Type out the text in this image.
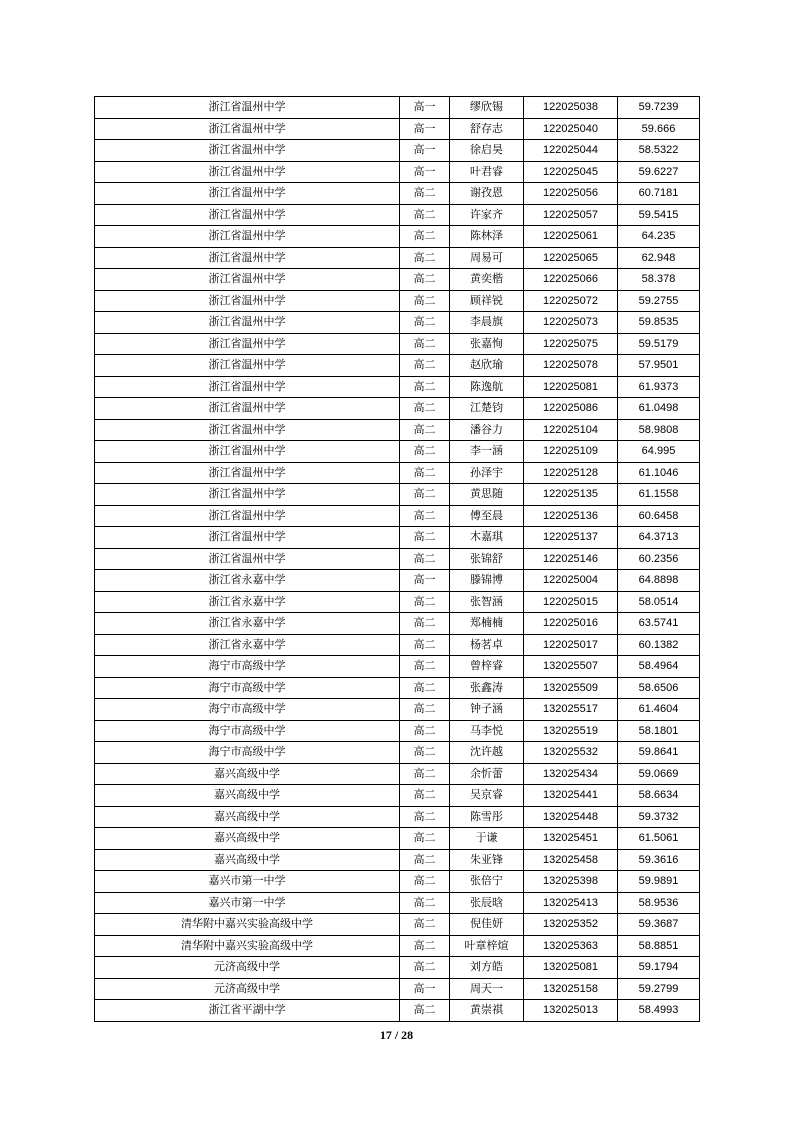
浙江省温州中学	高一	缪欣锡	122025038	59.7239
浙江省温州中学	高一	舒存志	122025040	59.666
浙江省温州中学	高一	徐启昊	122025044	58.5322
浙江省温州中学	高一	叶君睿	122025045	59.6227
浙江省温州中学	高二	谢孜恩	122025056	60.7181
浙江省温州中学	高二	许家齐	122025057	59.5415
浙江省温州中学	高二	陈林泽	122025061	64.235
浙江省温州中学	高二	周易可	122025065	62.948
浙江省温州中学	高二	黄奕楷	122025066	58.378
浙江省温州中学	高二	顾祥锐	122025072	59.2755
浙江省温州中学	高二	李晨旗	122025073	59.8535
浙江省温州中学	高二	张嘉恂	122025075	59.5179
浙江省温州中学	高二	赵欣瑜	122025078	57.9501
浙江省温州中学	高二	陈逸航	122025081	61.9373
浙江省温州中学	高二	江楚钧	122025086	61.0498
浙江省温州中学	高二	潘谷力	122025104	58.9808
浙江省温州中学	高二	李一涵	122025109	64.995
浙江省温州中学	高二	孙泽宇	122025128	61.1046
浙江省温州中学	高二	黄思随	122025135	61.1558
浙江省温州中学	高二	傅至晨	122025136	60.6458
浙江省温州中学	高二	木嘉琪	122025137	64.3713
浙江省温州中学	高二	张锦舒	122025146	60.2356
浙江省永嘉中学	高一	滕锦博	122025004	64.8898
浙江省永嘉中学	高二	张智涵	122025015	58.0514
浙江省永嘉中学	高二	郑楠楠	122025016	63.5741
浙江省永嘉中学	高二	杨茗卓	122025017	60.1382
海宁市高级中学	高二	曾梓睿	132025507	58.4964
海宁市高级中学	高二	张鑫涛	132025509	58.6506
海宁市高级中学	高二	钟子涵	132025517	61.4604
海宁市高级中学	高二	马李悦	132025519	58.1801
海宁市高级中学	高二	沈许越	132025532	59.8641
嘉兴高级中学	高二	余忻蕾	132025434	59.0669
嘉兴高级中学	高二	吴京睿	132025441	58.6634
嘉兴高级中学	高二	陈雪彤	132025448	59.3732
嘉兴高级中学	高二	于谦	132025451	61.5061
嘉兴高级中学	高二	朱亚锋	132025458	59.3616
嘉兴市第一中学	高二	张倍宁	132025398	59.9891
嘉兴市第一中学	高二	张辰晗	132025413	58.9536
清华附中嘉兴实验高级中学	高二	倪佳妍	132025352	59.3687
清华附中嘉兴实验高级中学	高二	叶章梓煊	132025363	58.8851
元济高级中学	高二	刘方皓	132025081	59.1794
元济高级中学	高一	周天一	132025158	59.2799
浙江省平湖中学	高二	黄崇祺	132025013	58.4993
17 / 28
